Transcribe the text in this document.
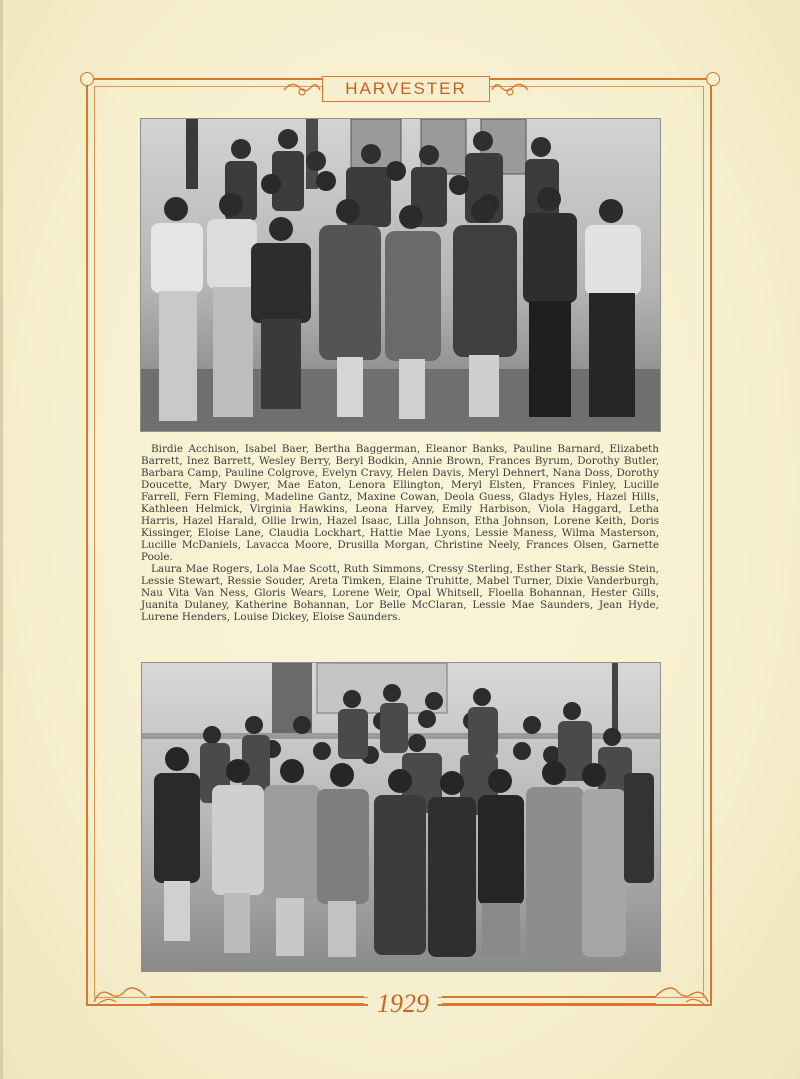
HARVESTER

Birdie Acchison, Isabel Baer, Bertha Baggerman, Eleanor Banks, Pauline Barnard, Elizabeth Barrett, Inez Barrett, Wesley Berry, Beryl Bodkin, Annie Brown, Frances Byrum, Dorothy Butler, Barbara Camp, Pauline Colgrove, Evelyn Cravy, Helen Davis, Meryl Dehnert, Nana Doss, Dorothy Doucette, Mary Dwyer, Mae Eaton, Lenora Ellington, Meryl Elsten, Frances Finley, Lucille Farrell, Fern Fleming, Madeline Gantz, Maxine Cowan, Deola Guess, Gladys Hyles, Hazel Hills, Kathleen Helmick, Virginia Hawkins, Leona Harvey, Emily Harbison, Viola Haggard, Letha Harris, Hazel Harald, Ollie Irwin, Hazel Isaac, Lilla Johnson, Etha Johnson, Lorene Keith, Doris Kissinger, Eloise Lane, Claudia Lockhart, Hattie Mae Lyons, Lessie Maness, Wilma Masterson, Lucille McDaniels, Lavacca Moore, Drusilla Morgan, Christine Neely, Frances Olsen, Garnette Poole.

Laura Mae Rogers, Lola Mae Scott, Ruth Simmons, Cressy Sterling, Esther Stark, Bessie Stein, Lessie Stewart, Ressie Souder, Areta Timken, Elaine Truhitte, Mabel Turner, Dixie Vanderburgh, Nau Vita Van Ness, Gloris Wears, Lorene Weir, Opal Whitsell, Floella Bohannan, Hester Gills, Juanita Dulaney, Katherine Bohannan, Lor Belle McClaran, Lessie Mae Saunders, Jean Hyde, Lurene Henders, Louise Dickey, Eloise Saunders.

1929
